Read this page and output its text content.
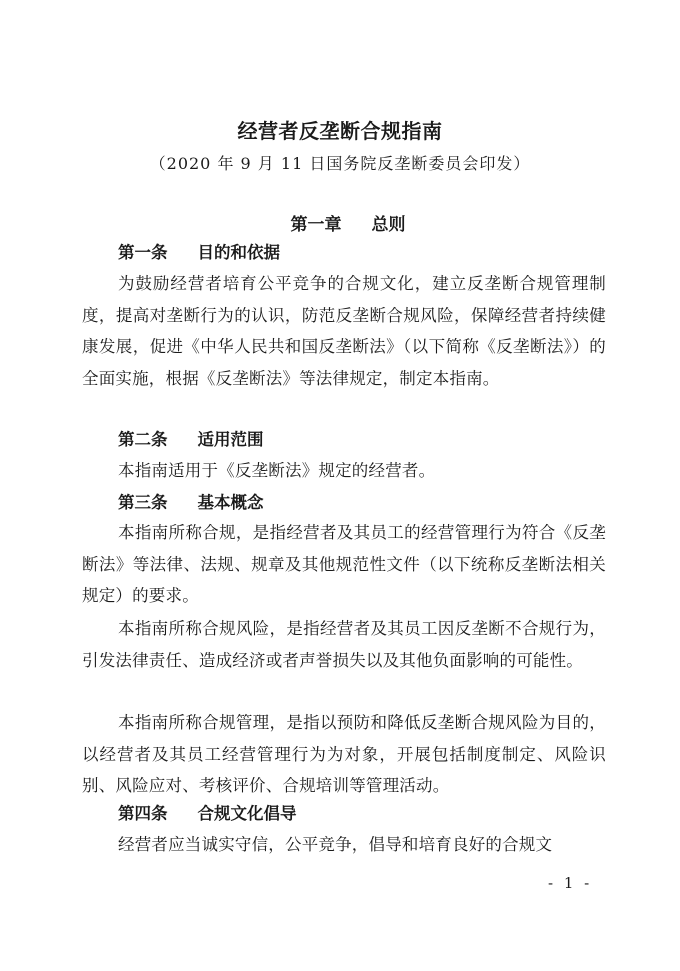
经营者反垄断合规指南
（2020 年 9 月 11 日国务院反垄断委员会印发）
第一章 总则
第一条 目的和依据
为鼓励经营者培育公平竞争的合规文化，建立反垄断合规管理制度，提高对垄断行为的认识，防范反垄断合规风险，保障经营者持续健康发展，促进《中华人民共和国反垄断法》（以下简称《反垄断法》）的全面实施，根据《反垄断法》等法律规定，制定本指南。
第二条 适用范围
本指南适用于《反垄断法》规定的经营者。
第三条 基本概念
本指南所称合规，是指经营者及其员工的经营管理行为符合《反垄断法》等法律、法规、规章及其他规范性文件（以下统称反垄断法相关规定）的要求。
本指南所称合规风险，是指经营者及其员工因反垄断不合规行为，引发法律责任、造成经济或者声誉损失以及其他负面影响的可能性。
本指南所称合规管理，是指以预防和降低反垄断合规风险为目的，以经营者及其员工经营管理行为为对象，开展包括制度制定、风险识别、风险应对、考核评价、合规培训等管理活动。
第四条 合规文化倡导
经营者应当诚实守信，公平竞争，倡导和培育良好的合规文
- 1 -
